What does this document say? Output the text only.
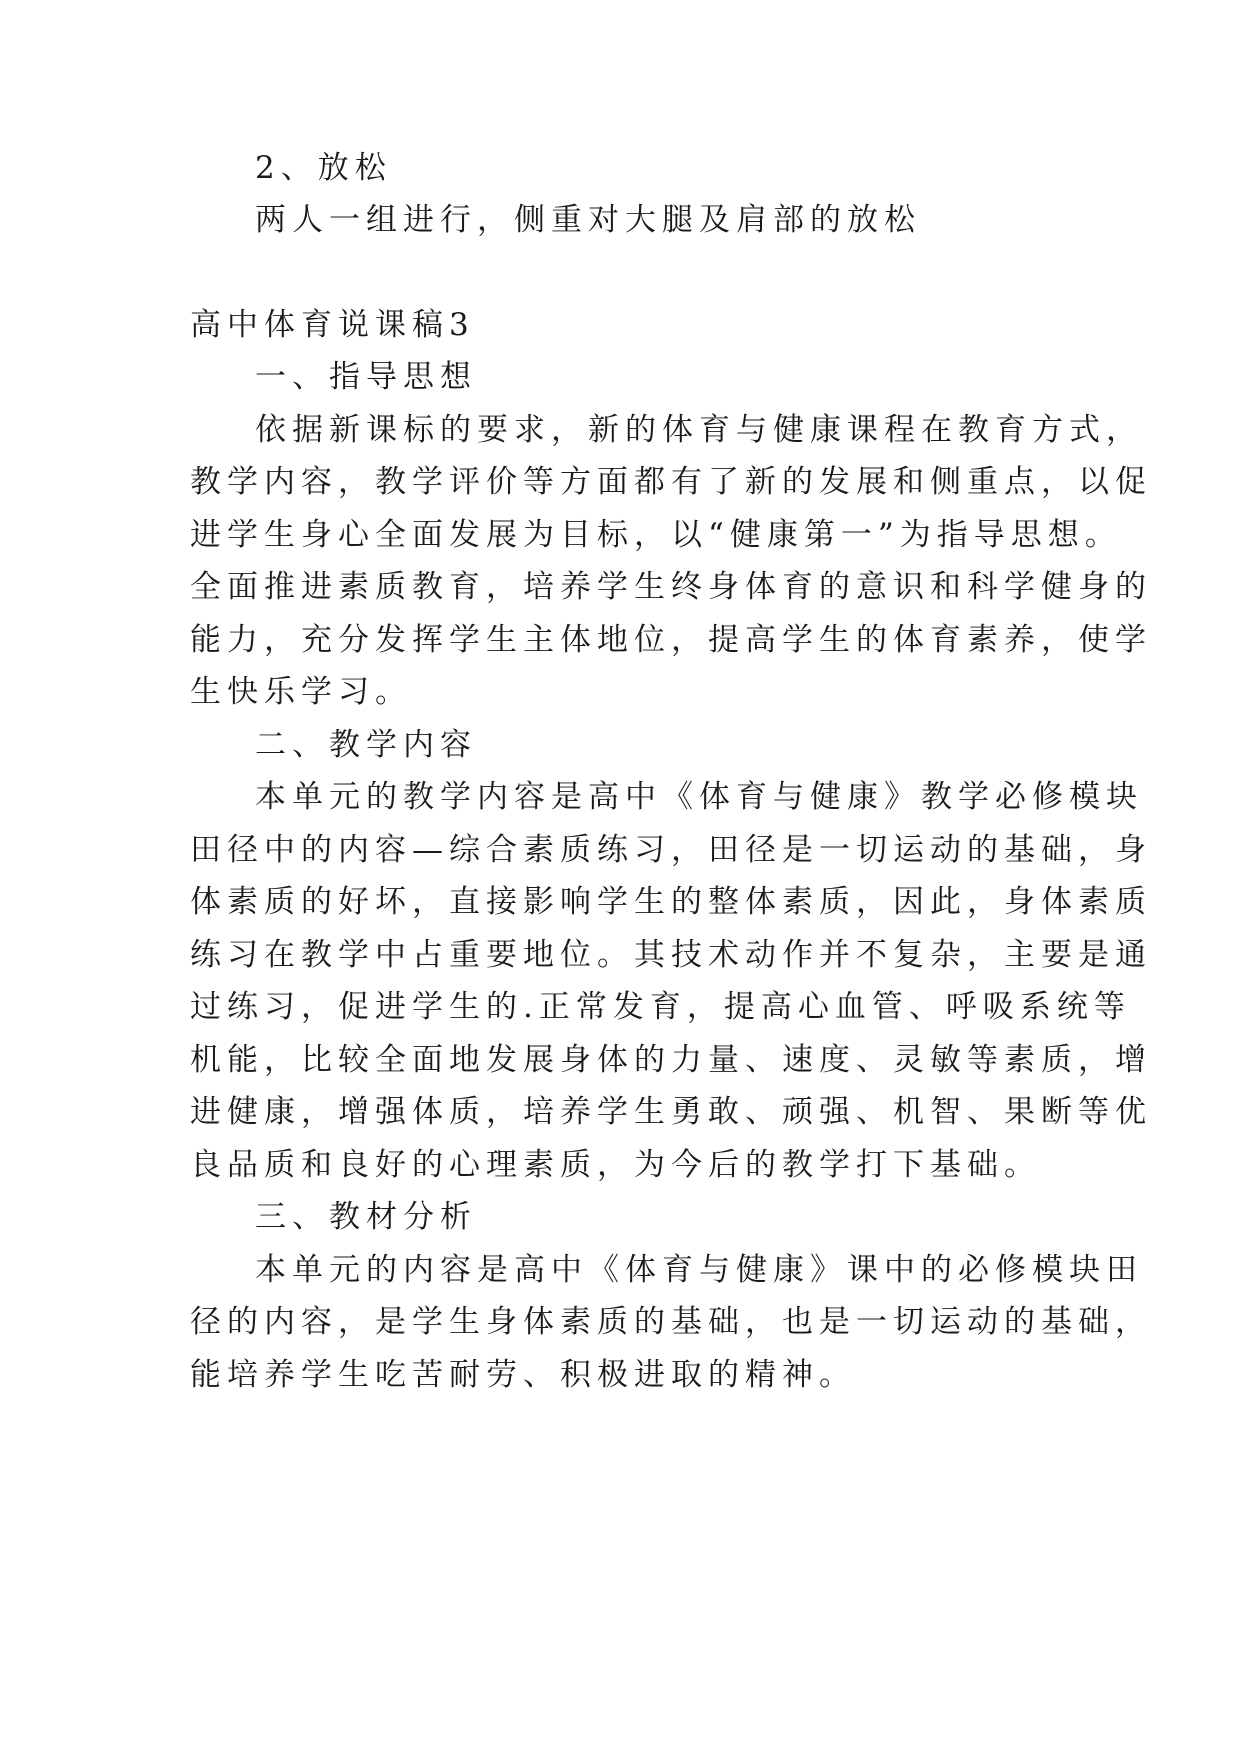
2、放松
两人一组进行，侧重对大腿及肩部的放松
高中体育说课稿3
一、指导思想
依据新课标的要求，新的体育与健康课程在教育方式，
教学内容，教学评价等方面都有了新的发展和侧重点，以促
进学生身心全面发展为目标，以“健康第一”为指导思想。
全面推进素质教育，培养学生终身体育的意识和科学健身的
能力，充分发挥学生主体地位，提高学生的体育素养，使学
生快乐学习。
二、教学内容
本单元的教学内容是高中《体育与健康》教学必修模块
田径中的内容—综合素质练习，田径是一切运动的基础，身
体素质的好坏，直接影响学生的整体素质，因此，身体素质
练习在教学中占重要地位。其技术动作并不复杂，主要是通
过练习，促进学生的.正常发育，提高心血管、呼吸系统等
机能，比较全面地发展身体的力量、速度、灵敏等素质，增
进健康，增强体质，培养学生勇敢、顽强、机智、果断等优
良品质和良好的心理素质，为今后的教学打下基础。
三、教材分析
本单元的内容是高中《体育与健康》课中的必修模块田
径的内容，是学生身体素质的基础，也是一切运动的基础，
能培养学生吃苦耐劳、积极进取的精神。
